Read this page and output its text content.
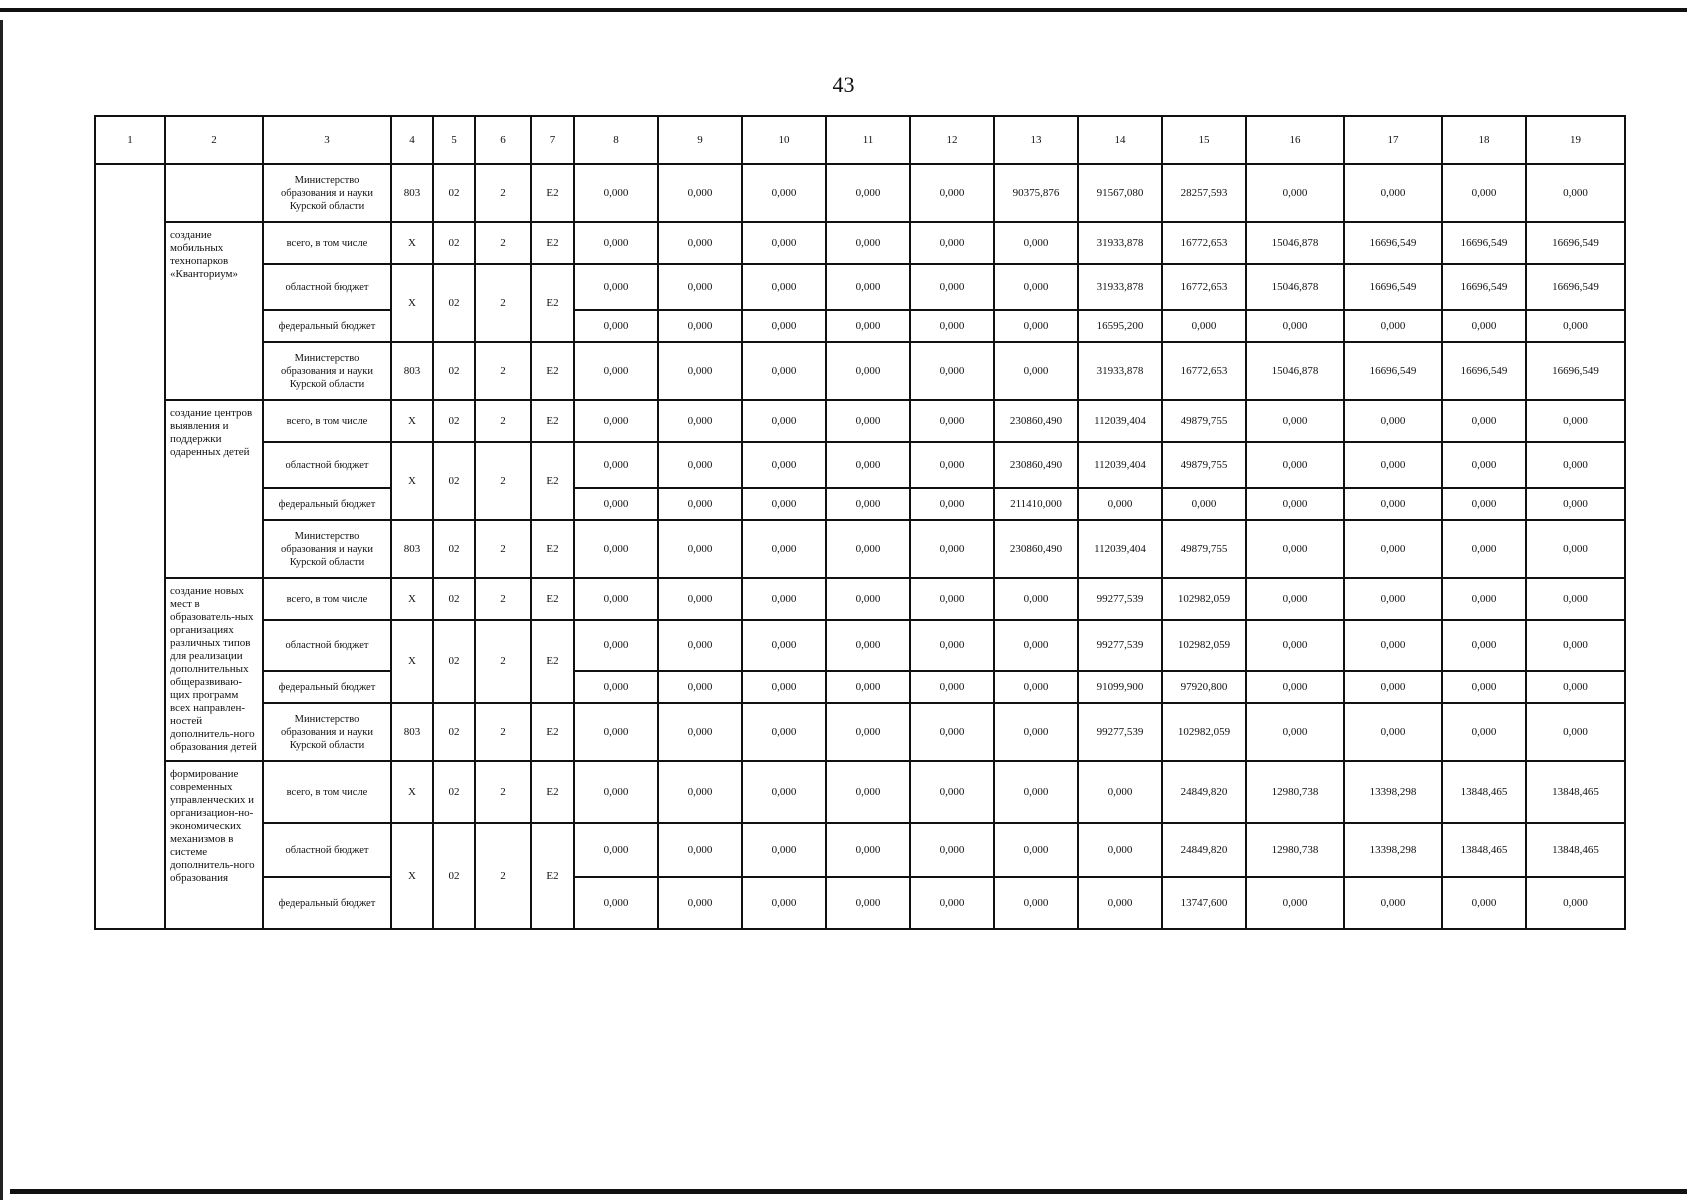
43
1	2	3	4	5	6	7	8	9	10	11	12	13	14	15	16	17	18	19
		Министерство образования и науки Курской области	803	02	2	Е2	0,000	0,000	0,000	0,000	0,000	90375,876	91567,080	28257,593	0,000	0,000	0,000	0,000
	создание мобильных технопарков «Кванториум»	всего, в том числе	Х	02	2	Е2	0,000	0,000	0,000	0,000	0,000	0,000	31933,878	16772,653	15046,878	16696,549	16696,549	16696,549
		областной бюджет	Х	02	2	Е2	0,000	0,000	0,000	0,000	0,000	0,000	31933,878	16772,653	15046,878	16696,549	16696,549	16696,549
		федеральный бюджет					0,000	0,000	0,000	0,000	0,000	0,000	16595,200	0,000	0,000	0,000	0,000	0,000
		Министерство образования и науки Курской области	803	02	2	Е2	0,000	0,000	0,000	0,000	0,000	0,000	31933,878	16772,653	15046,878	16696,549	16696,549	16696,549
	создание центров выявления и поддержки одаренных детей	всего, в том числе	Х	02	2	Е2	0,000	0,000	0,000	0,000	0,000	230860,490	112039,404	49879,755	0,000	0,000	0,000	0,000
		областной бюджет	Х	02	2	Е2	0,000	0,000	0,000	0,000	0,000	230860,490	112039,404	49879,755	0,000	0,000	0,000	0,000
		федеральный бюджет					0,000	0,000	0,000	0,000	0,000	211410,000	0,000	0,000	0,000	0,000	0,000	0,000
		Министерство образования и науки Курской области	803	02	2	Е2	0,000	0,000	0,000	0,000	0,000	230860,490	112039,404	49879,755	0,000	0,000	0,000	0,000
	создание новых мест в образователь-ных организациях различных типов для реализации дополнительных общеразвиваю-щих программ всех направлен-ностей дополнитель-ного образования детей	всего, в том числе	Х	02	2	Е2	0,000	0,000	0,000	0,000	0,000	0,000	99277,539	102982,059	0,000	0,000	0,000	0,000
		областной бюджет	Х	02	2	Е2	0,000	0,000	0,000	0,000	0,000	0,000	99277,539	102982,059	0,000	0,000	0,000	0,000
		федеральный бюджет					0,000	0,000	0,000	0,000	0,000	0,000	91099,900	97920,800	0,000	0,000	0,000	0,000
		Министерство образования и науки Курской области	803	02	2	Е2	0,000	0,000	0,000	0,000	0,000	0,000	99277,539	102982,059	0,000	0,000	0,000	0,000
	формирование современных управленческих и организацион-но-экономических механизмов в системе дополнитель-ного образования	всего, в том числе	Х	02	2	Е2	0,000	0,000	0,000	0,000	0,000	0,000	0,000	24849,820	12980,738	13398,298	13848,465	13848,465
		областной бюджет	Х	02	2	Е2	0,000	0,000	0,000	0,000	0,000	0,000	0,000	24849,820	12980,738	13398,298	13848,465	13848,465
		федеральный бюджет					0,000	0,000	0,000	0,000	0,000	0,000	0,000	13747,600	0,000	0,000	0,000	0,000
